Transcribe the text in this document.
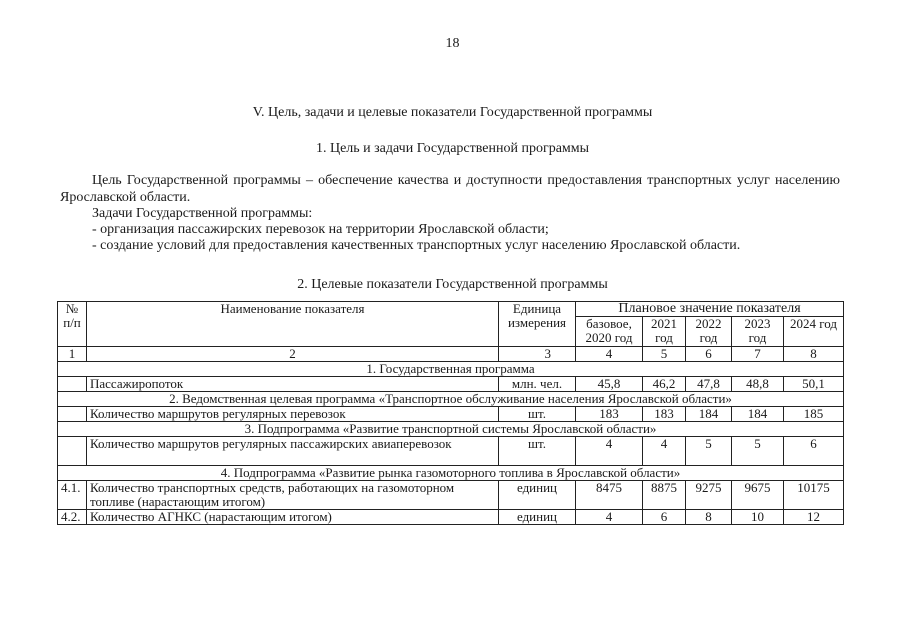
18
V. Цель, задачи и целевые показатели Государственной программы
1. Цель и задачи Государственной программы
Цель Государственной программы – обеспечение качества и доступности предоставления транспортных услуг населению Ярославской области.
Задачи Государственной программы:
- организация пассажирских перевозок на территории Ярославской области;
- создание условий для предоставления качественных транспортных услуг населению Ярославской области.
2. Целевые показатели Государственной программы
№ п/п	Наименование показателя	Единица измерения	Плановое значение показателя				
			базовое, 2020 год	2021 год	2022 год	2023 год	2024 год
1	2	3	4	5	6	7	8
1. Государственная программа							
	Пассажиропоток	млн. чел.	45,8	46,2	47,8	48,8	50,1
2. Ведомственная целевая программа «Транспортное обслуживание населения Ярославской области»							
	Количество маршрутов регулярных перевозок	шт.	183	183	184	184	185
3. Подпрограмма «Развитие транспортной системы Ярославской области»							
	Количество маршрутов регулярных пассажирских авиаперевозок	шт.	4	4	5	5	6
4. Подпрограмма «Развитие рынка газомоторного топлива в Ярославской области»							
4.1.	Количество транспортных средств, работающих на газомоторном топливе (нарастающим итогом)	единиц	8475	8875	9275	9675	10175
4.2.	Количество АГНКС (нарастающим итогом)	единиц	4	6	8	10	12
